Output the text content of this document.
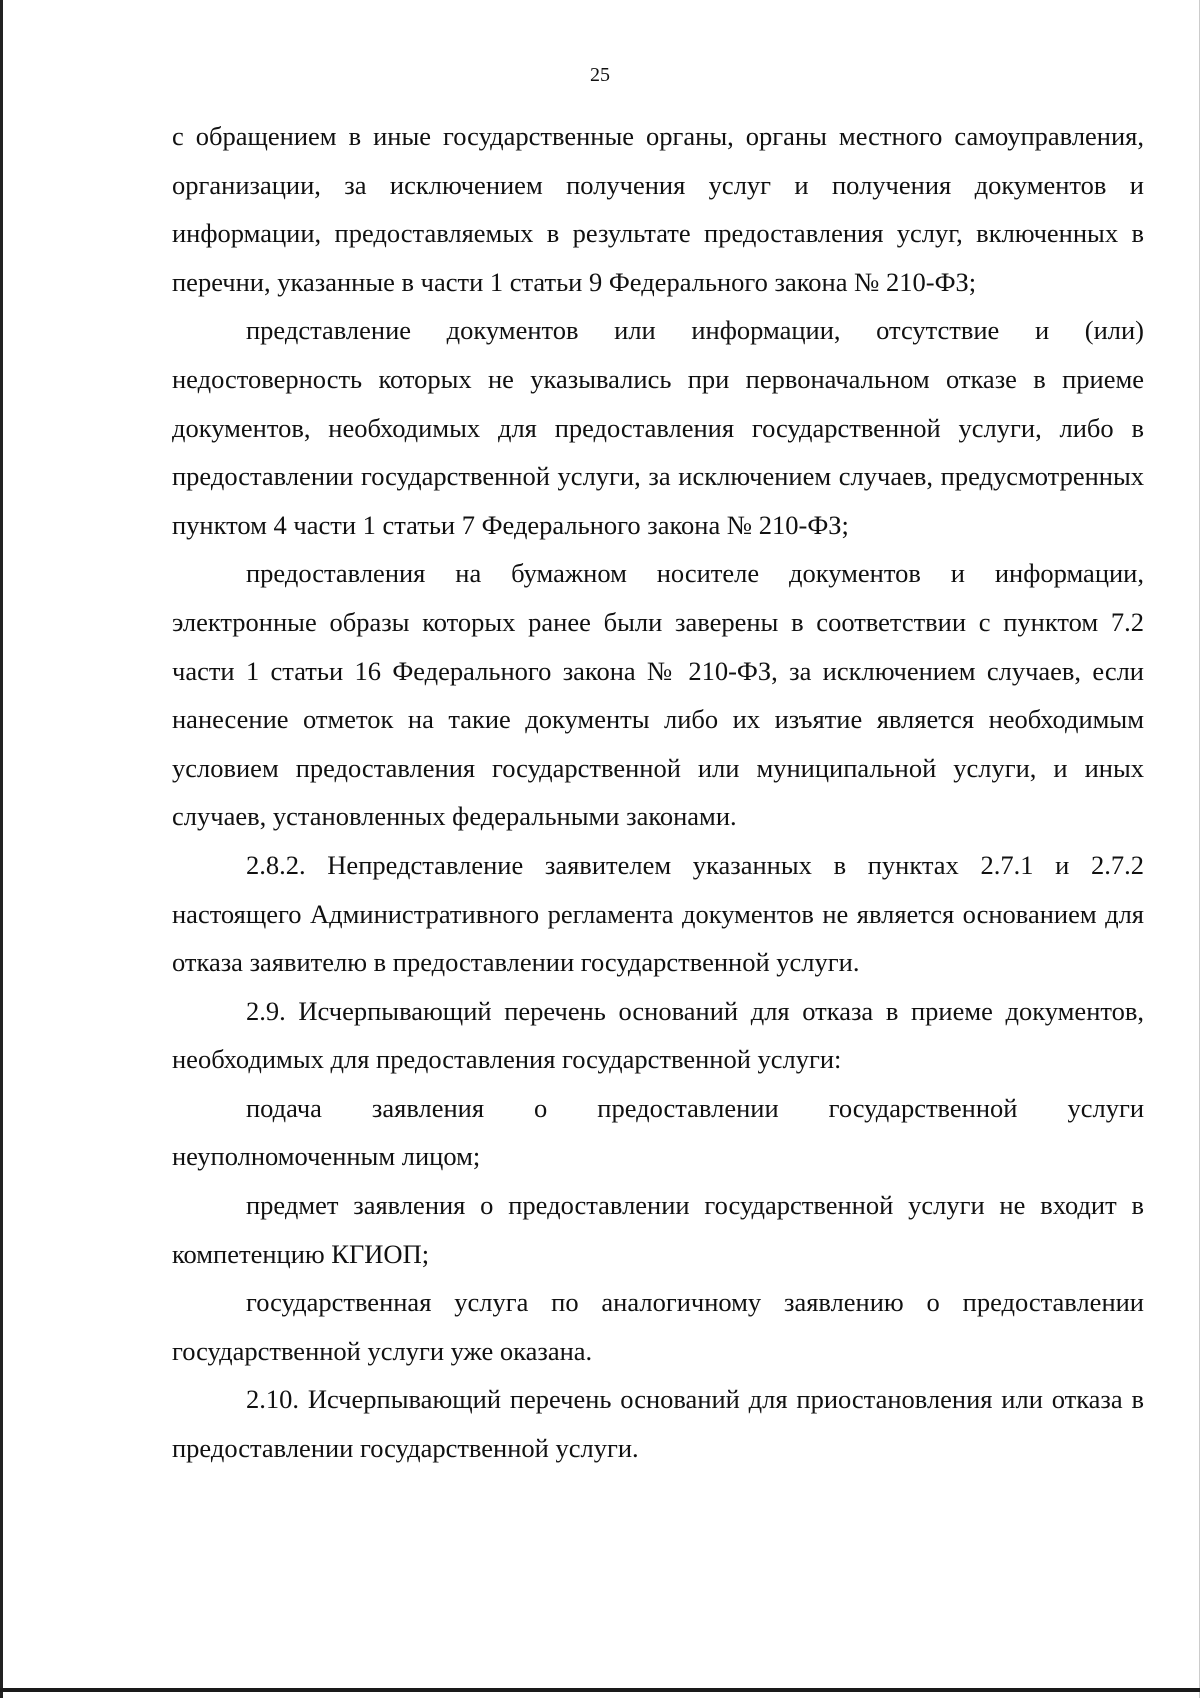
25

с обращением в иные государственные органы, органы местного самоуправления, организации, за исключением получения услуг и получения документов и информации, предоставляемых в результате предоставления услуг, включенных в перечни, указанные в части 1 статьи 9 Федерального закона № 210-ФЗ;

представление документов или информации, отсутствие и (или) недостоверность которых не указывались при первоначальном отказе в приеме документов, необходимых для предоставления государственной услуги, либо в предоставлении государственной услуги, за исключением случаев, предусмотренных пунктом 4 части 1 статьи 7 Федерального закона № 210-ФЗ;

предоставления на бумажном носителе документов и информации, электронные образы которых ранее были заверены в соответствии с пунктом 7.2 части 1 статьи 16 Федерального закона № 210-ФЗ, за исключением случаев, если нанесение отметок на такие документы либо их изъятие является необходимым условием предоставления государственной или муниципальной услуги, и иных случаев, установленных федеральными законами.

2.8.2. Непредставление заявителем указанных в пунктах 2.7.1 и 2.7.2 настоящего Административного регламента документов не является основанием для отказа заявителю в предоставлении государственной услуги.

2.9. Исчерпывающий перечень оснований для отказа в приеме документов, необходимых для предоставления государственной услуги:

подача заявления о предоставлении государственной услуги неуполномоченным лицом;

предмет заявления о предоставлении государственной услуги не входит в компетенцию КГИОП;

государственная услуга по аналогичному заявлению о предоставлении государственной услуги уже оказана.

2.10. Исчерпывающий перечень оснований для приостановления или отказа в предоставлении государственной услуги.
